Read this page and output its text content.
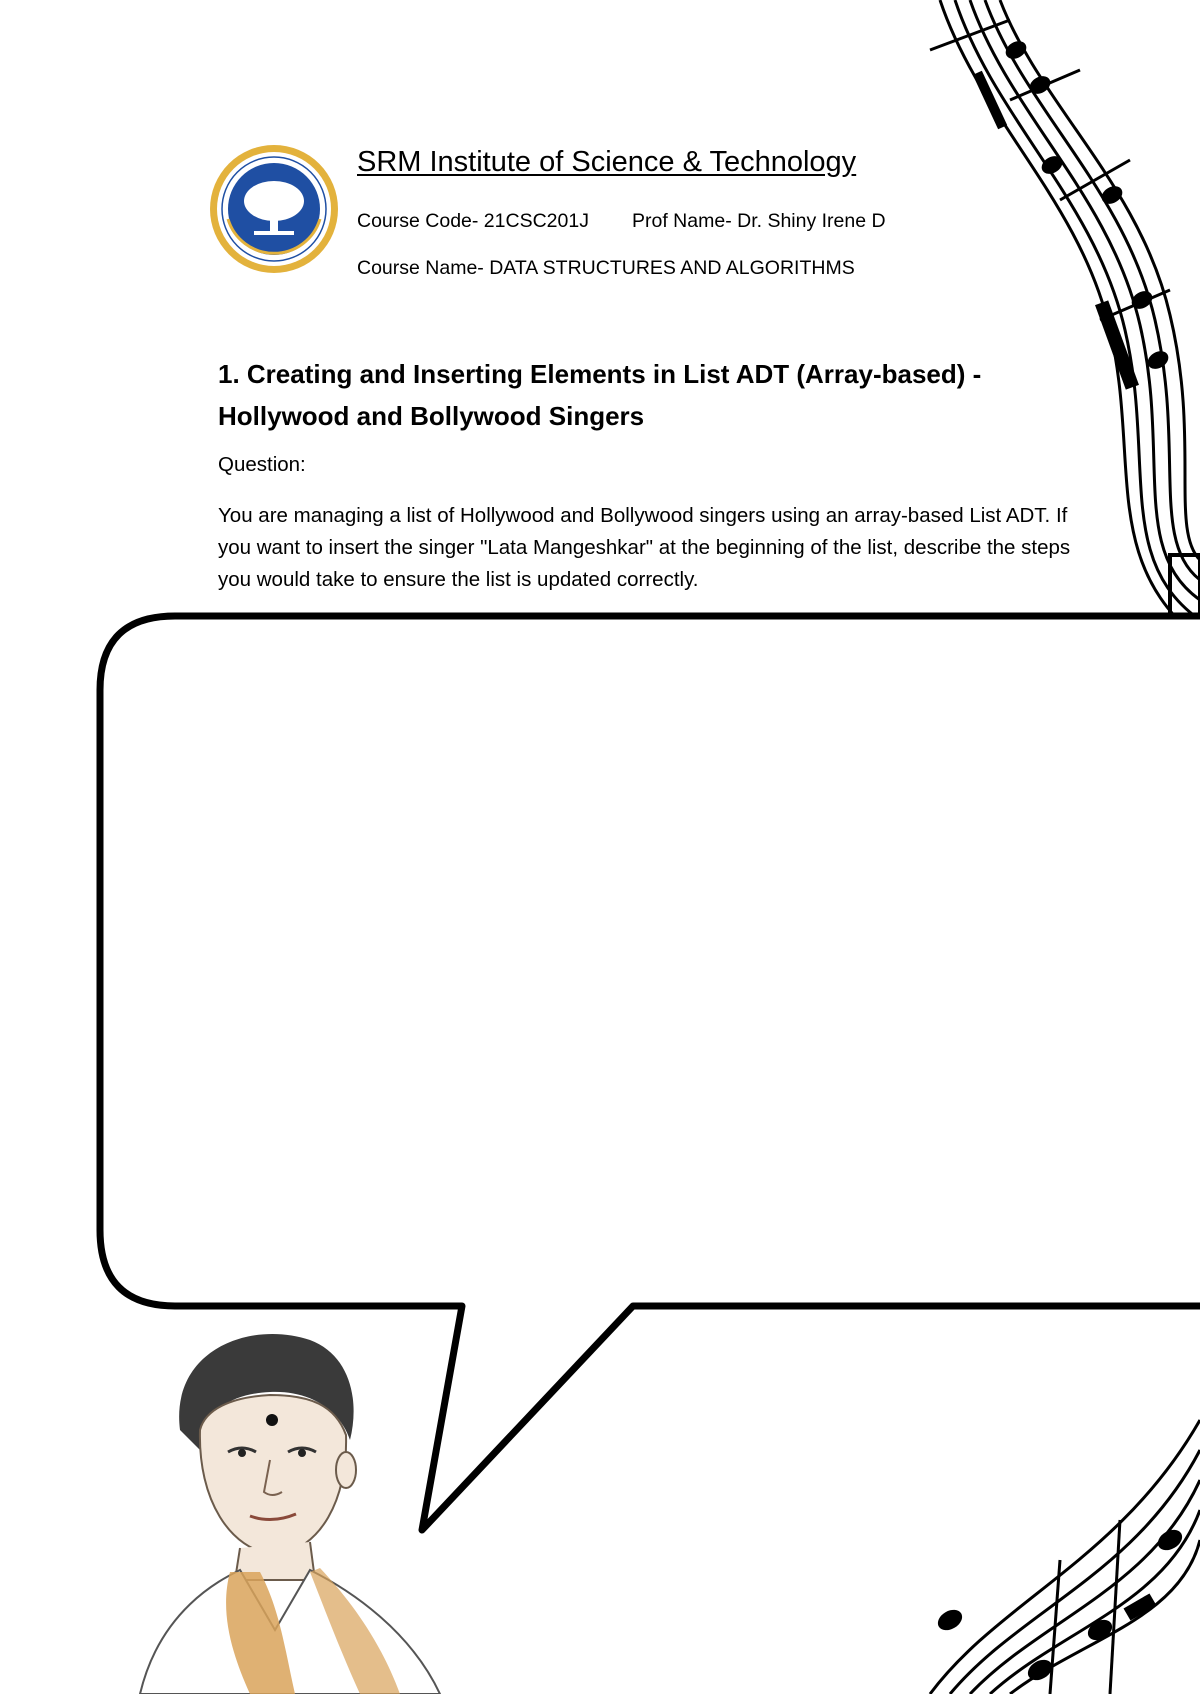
SRM Institute of Science & Technology
Course Code- 21CSC201J Prof Name- Dr. Shiny Irene D
Course Name- DATA STRUCTURES AND ALGORITHMS
1. Creating and Inserting Elements in List ADT (Array-based) - Hollywood and Bollywood Singers
Question:
You are managing a list of Hollywood and Bollywood singers using an array-based List ADT. If you want to insert the singer "Lata Mangeshkar" at the beginning of the list, describe the steps you would take to ensure the list is updated correctly.
